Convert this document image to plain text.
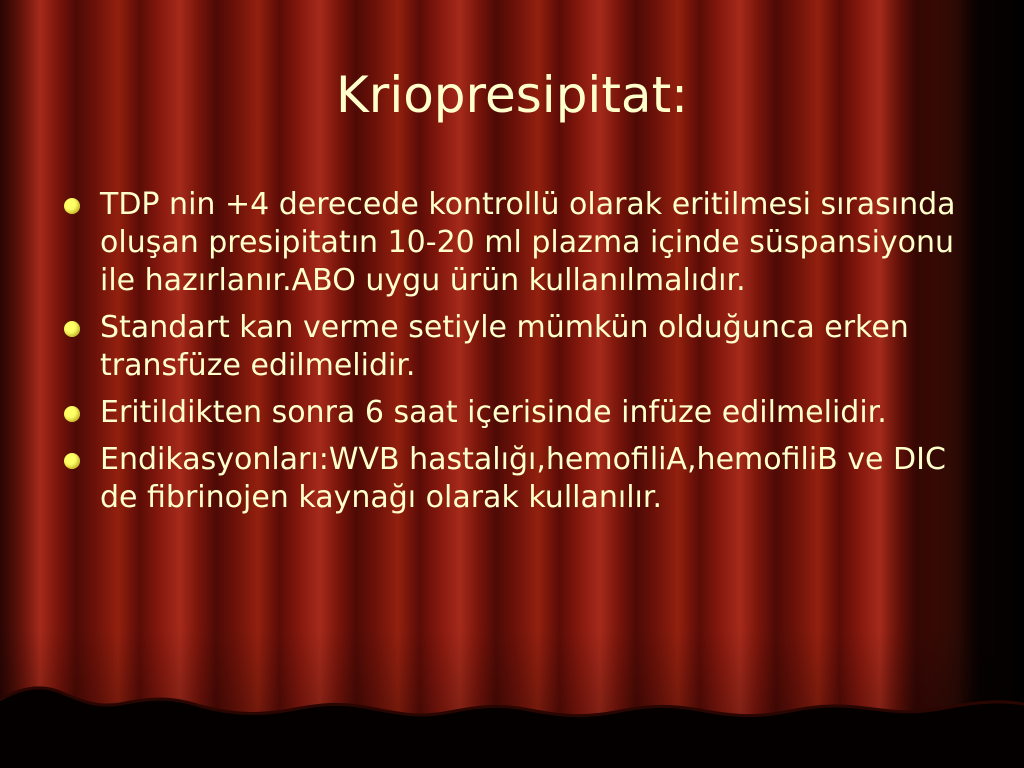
Kriopresipitat:
TDP nin +4 derecede kontrollü olarak eritilmesi sırasında oluşan presipitatın 10-20 ml plazma içinde süspansiyonu ile hazırlanır.ABO uygu ürün kullanılmalıdır.
Standart kan verme setiyle mümkün olduğunca erken transfüze edilmelidir.
Eritildikten sonra 6 saat içerisinde infüze edilmelidir.
Endikasyonları:WVB hastalığı,hemofiliA,hemofiliB ve DIC de fibrinojen kaynağı olarak kullanılır.
